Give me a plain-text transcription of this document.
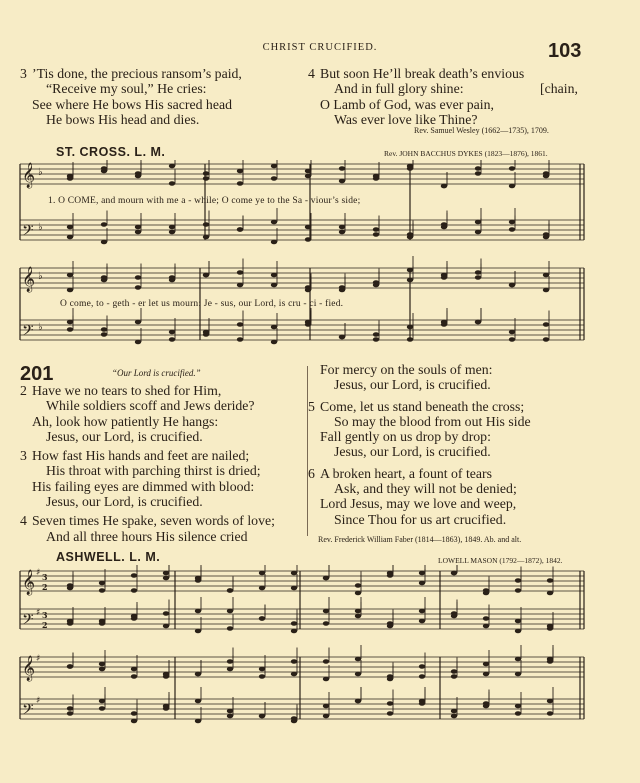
CHRIST CRUCIFIED.	103
3 ’Tis done, the precious ransom’s paid,
“Receive my soul,” He cries:
See where He bows His sacred head
He bows His head and dies.
4 But soon He’ll break death’s envious
And in full glory shine:	[chain,
O Lamb of God, was ever pain,
Was ever love like Thine?
Rev. Samuel Wesley (1662—1735), 1709.
ST. CROSS. L. M.	Rev. JOHN BACCHUS DYKES (1823—1876), 1861.
𝄞
𝄢
𝄞
𝄢
♭
♭
♭
♭
1. O COME, and mourn with me a - while; O come ye to the Sa - viour’s side;
O come, to - geth - er let us mourn: Je - sus, our Lord, is cru - ci - fied.
201	“Our Lord is crucified.”
2 Have we no tears to shed for Him,
While soldiers scoff and Jews deride?
Ah, look how patiently He hangs:
Jesus, our Lord, is crucified.
3 How fast His hands and feet are nailed;
His throat with parching thirst is dried;
His failing eyes are dimmed with blood:
Jesus, our Lord, is crucified.
4 Seven times He spake, seven words of love;
And all three hours His silence cried
For mercy on the souls of men:
Jesus, our Lord, is crucified.
5 Come, let us stand beneath the cross;
So may the blood from out His side
Fall gently on us drop by drop:
Jesus, our Lord, is crucified.
6 A broken heart, a fount of tears
Ask, and they will not be denied;
Lord Jesus, may we love and weep,
Since Thou for us art crucified.
Rev. Frederick William Faber (1814—1863), 1849. Ab. and alt.
ASHWELL. L. M.	LOWELL MASON (1792—1872), 1842.
𝄞
𝄢
𝄞
𝄢
♯
♯
♯
♯
3
2
3
2
